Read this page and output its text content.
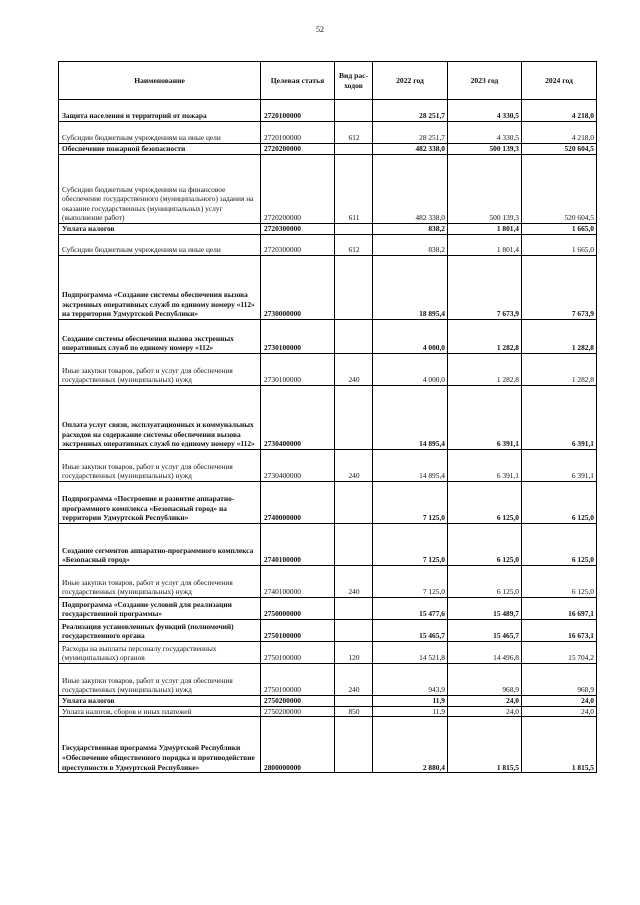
52
Наименование	Целевая статья	Вид рас-ходов	2022 год	2023 год	2024 год
Защита населения и территорий от пожара	2720100000		28 251,7	4 330,5	4 218,0
Субсидии бюджетным учреждениям на иные цели	2720100000	612	28 251,7	4 330,5	4 218,0
Обеспечение пожарной безопасности	2720200000		482 338,0	500 139,3	520 604,5
Субсидии бюджетным учреждениям на финансовое обеспечение государственного (муниципального) задания на оказание государственных (муниципальных) услуг (выполнение работ)	2720200000	611	482 338,0	500 139,3	520 604,5
Уплата налогов	2720300000		838,2	1 801,4	1 665,0
Субсидии бюджетным учреждениям на иные цели	2720300000	612	838,2	1 801,4	1 665,0
Подпрограмма «Создание системы обеспечения вызова экстренных оперативных служб по единому номеру «112» на территории Удмуртской Республики»	2730000000		18 895,4	7 673,9	7 673,9
Создание системы обеспечения вызова экстренных оперативных служб по единому номеру «112»	2730100000		4 000,0	1 282,8	1 282,8
Иные закупки товаров, работ и услуг для обеспечения государственных (муниципальных) нужд	2730100000	240	4 000,0	1 282,8	1 282,8
Оплата услуг связи, эксплуатационных и коммунальных расходов на содержание системы обеспечения вызова экстренных оперативных служб по единому номеру «112»	2730400000		14 895,4	6 391,1	6 391,1
Иные закупки товаров, работ и услуг для обеспечения государственных (муниципальных) нужд	2730400000	240	14 895,4	6 391,1	6 391,1
Подпрограмма «Построение и развитие аппаратно-программного комплекса «Безопасный город» на территории Удмуртской Республики»	2740000000		7 125,0	6 125,0	6 125,0
Создание сегментов аппаратно-программного комплекса «Безопасный город»	2740100000		7 125,0	6 125,0	6 125,0
Иные закупки товаров, работ и услуг для обеспечения государственных (муниципальных) нужд	2740100000	240	7 125,0	6 125,0	6 125,0
Подпрограмма «Создание условий для реализации государственной программы»	2750000000		15 477,6	15 489,7	16 697,1
Реализация установленных функций (полномочий) государственного органа	2750100000		15 465,7	15 465,7	16 673,1
Расходы на выплаты персоналу государственных (муниципальных) органов	2750100000	120	14 521,8	14 496,8	15 704,2
Иные закупки товаров, работ и услуг для обеспечения государственных (муниципальных) нужд	2750100000	240	943,9	968,9	968,9
Уплата налогов	2750200000		11,9	24,0	24,0
Уплата налогов, сборов и иных платежей	2750200000	850	11,9	24,0	24,0
Государственная программа Удмуртской Республики «Обеспечение общественного порядка и противодействие преступности в Удмуртской Республике»	2800000000		2 880,4	1 815,5	1 815,5
